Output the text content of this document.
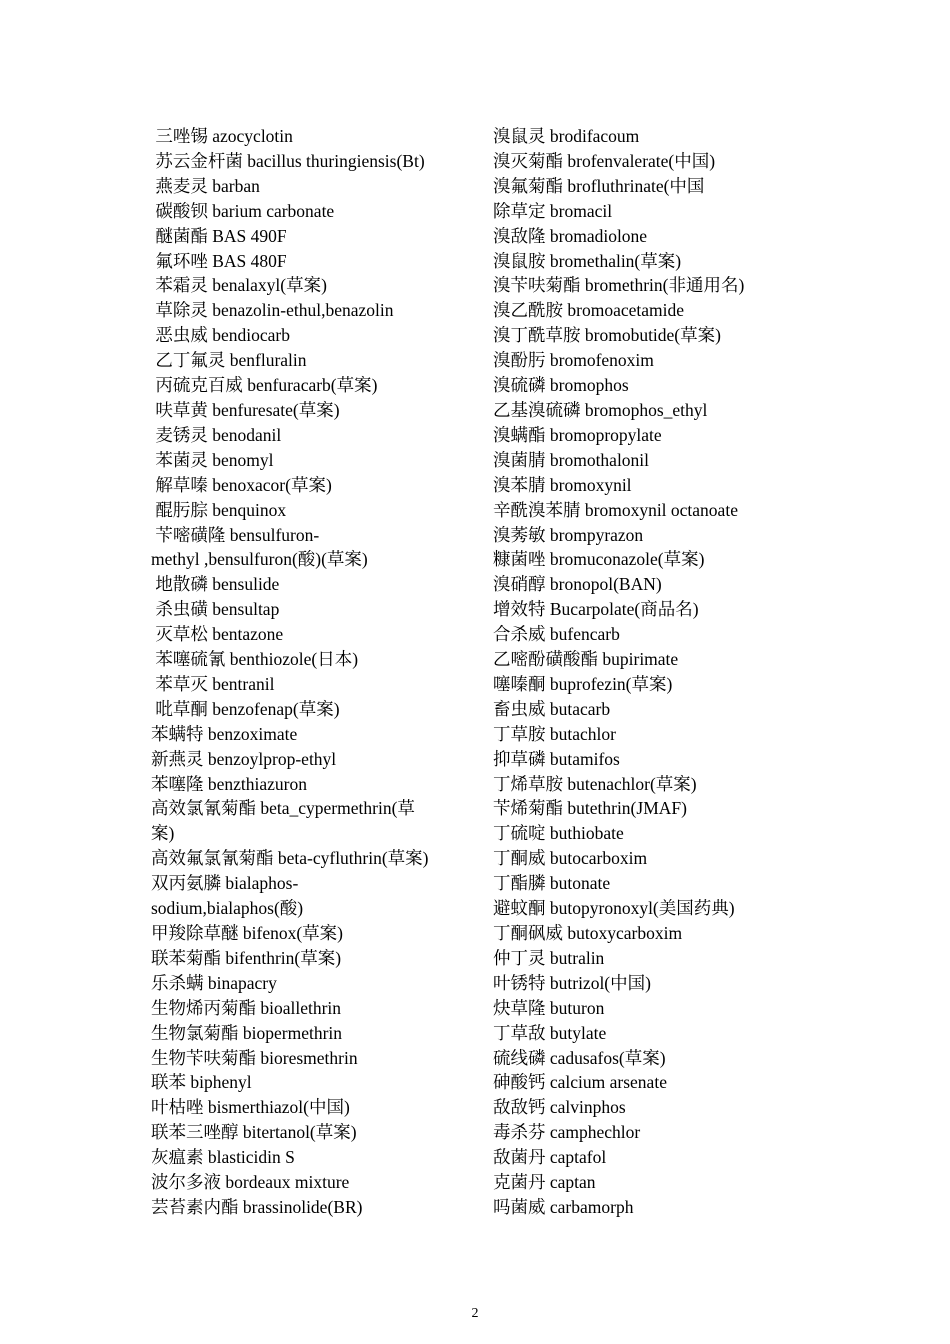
三唑锡 azocyclotin
苏云金杆菌 bacillus thuringiensis(Bt)
燕麦灵 barban
碳酸钡 barium carbonate
醚菌酯 BAS 490F
氟环唑 BAS 480F
苯霜灵 benalaxyl(草案)
草除灵 benazolin-ethul,benazolin
恶虫威 bendiocarb
乙丁氟灵 benfluralin
丙硫克百威 benfuracarb(草案)
呋草黄 benfuresate(草案)
麦锈灵 benodanil
苯菌灵 benomyl
解草嗪 benoxacor(草案)
醌肟腙 benquinox
苄嘧磺隆 bensulfuron-
methyl ,bensulfuron(酸)(草案)
地散磷 bensulide
杀虫磺 bensultap
灭草松 bentazone
苯噻硫氰 benthiozole(日本)
苯草灭 bentranil
吡草酮 benzofenap(草案)
苯螨特 benzoximate
新燕灵 benzoylprop-ethyl
苯噻隆 benzthiazuron
高效氯氰菊酯 beta_cypermethrin(草
案)
高效氟氯氰菊酯 beta-cyfluthrin(草案)
双丙氨膦 bialaphos-
sodium,bialaphos(酸)
甲羧除草醚 bifenox(草案)
联苯菊酯 bifenthrin(草案)
乐杀螨 binapacry
生物烯丙菊酯 bioallethrin
生物氯菊酯 biopermethrin
生物苄呋菊酯 bioresmethrin
联苯 biphenyl
叶枯唑 bismerthiazol(中国)
联苯三唑醇 bitertanol(草案)
灰瘟素 blasticidin S
波尔多液 bordeaux mixture
芸苔素内酯 brassinolide(BR)
溴鼠灵 brodifacoum
溴灭菊酯 brofenvalerate(中国)
溴氟菊酯 brofluthrinate(中国
除草定 bromacil
溴敌隆 bromadiolone
溴鼠胺 bromethalin(草案)
溴苄呋菊酯 bromethrin(非通用名)
溴乙酰胺 bromoacetamide
溴丁酰草胺 bromobutide(草案)
溴酚肟 bromofenoxim
溴硫磷 bromophos
乙基溴硫磷 bromophos_ethyl
溴螨酯 bromopropylate
溴菌腈 bromothalonil
溴苯腈 bromoxynil
辛酰溴苯腈 bromoxynil octanoate
溴莠敏 brompyrazon
糠菌唑 bromuconazole(草案)
溴硝醇 bronopol(BAN)
增效特 Bucarpolate(商品名)
合杀威 bufencarb
乙嘧酚磺酸酯 bupirimate
噻嗪酮 buprofezin(草案)
畜虫威 butacarb
丁草胺 butachlor
抑草磷 butamifos
丁烯草胺 butenachlor(草案)
苄烯菊酯 butethrin(JMAF)
丁硫啶 buthiobate
丁酮威 butocarboxim
丁酯膦 butonate
避蚊酮 butopyronoxyl(美国药典)
丁酮砜威 butoxycarboxim
仲丁灵 butralin
叶锈特 butrizol(中国)
炔草隆 buturon
丁草敌 butylate
硫线磷 cadusafos(草案)
砷酸钙 calcium arsenate
敌敌钙 calvinphos
毒杀芬 camphechlor
敌菌丹 captafol
克菌丹 captan
吗菌威 carbamorph
2
